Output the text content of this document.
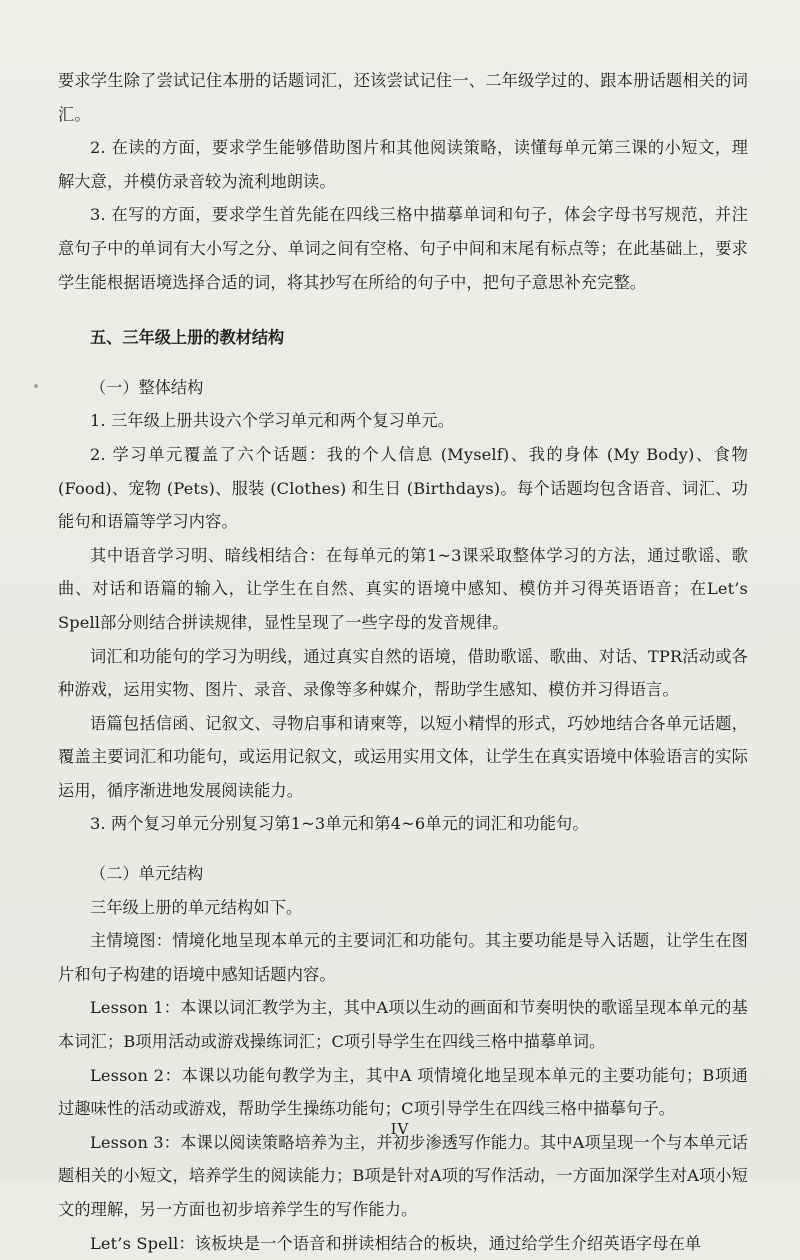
要求学生除了尝试记住本册的话题词汇，还该尝试记住一、二年级学过的、跟本册话题相关的词汇。

2. 在读的方面，要求学生能够借助图片和其他阅读策略，读懂每单元第三课的小短文，理解大意，并模仿录音较为流利地朗读。

3. 在写的方面，要求学生首先能在四线三格中描摹单词和句子，体会字母书写规范，并注意句子中的单词有大小写之分、单词之间有空格、句子中间和末尾有标点等；在此基础上，要求学生能根据语境选择合适的词，将其抄写在所给的句子中，把句子意思补充完整。

五、三年级上册的教材结构

（一）整体结构

1. 三年级上册共设六个学习单元和两个复习单元。

2. 学习单元覆盖了六个话题：我的个人信息 (Myself)、我的身体 (My Body)、食物 (Food)、宠物 (Pets)、服装 (Clothes) 和生日 (Birthdays)。每个话题均包含语音、词汇、功能句和语篇等学习内容。

其中语音学习明、暗线相结合：在每单元的第1~3课采取整体学习的方法，通过歌谣、歌曲、对话和语篇的输入，让学生在自然、真实的语境中感知、模仿并习得英语语音；在Let’s Spell部分则结合拼读规律，显性呈现了一些字母的发音规律。

词汇和功能句的学习为明线，通过真实自然的语境，借助歌谣、歌曲、对话、TPR活动或各种游戏，运用实物、图片、录音、录像等多种媒介，帮助学生感知、模仿并习得语言。

语篇包括信函、记叙文、寻物启事和请柬等，以短小精悍的形式，巧妙地结合各单元话题，覆盖主要词汇和功能句，或运用记叙文，或运用实用文体，让学生在真实语境中体验语言的实际运用，循序渐进地发展阅读能力。

3. 两个复习单元分别复习第1~3单元和第4~6单元的词汇和功能句。

（二）单元结构

三年级上册的单元结构如下。

主情境图：情境化地呈现本单元的主要词汇和功能句。其主要功能是导入话题，让学生在图片和句子构建的语境中感知话题内容。

Lesson 1：本课以词汇教学为主，其中A项以生动的画面和节奏明快的歌谣呈现本单元的基本词汇；B项用活动或游戏操练词汇；C项引导学生在四线三格中描摹单词。

Lesson 2：本课以功能句教学为主，其中A 项情境化地呈现本单元的主要功能句；B项通过趣味性的活动或游戏，帮助学生操练功能句；C项引导学生在四线三格中描摹句子。

Lesson 3：本课以阅读策略培养为主，并初步渗透写作能力。其中A项呈现一个与本单元话题相关的小短文，培养学生的阅读能力；B项是针对A项的写作活动，一方面加深学生对A项小短文的理解，另一方面也初步培养学生的写作能力。

Let’s Spell：该板块是一个语音和拼读相结合的板块，通过给学生介绍英语字母在单

IV
